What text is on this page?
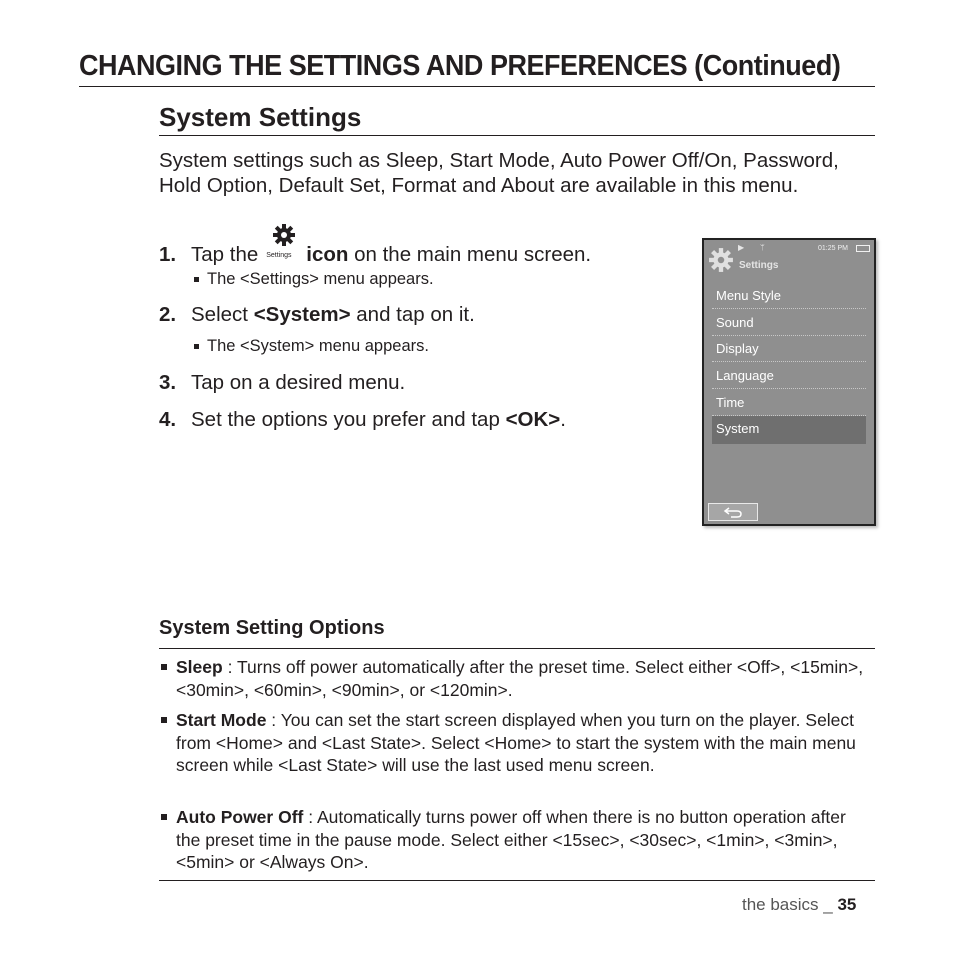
CHANGING THE SETTINGS AND PREFERENCES (Continued)
System Settings
System settings such as Sleep, Start Mode, Auto Power Off/On, Password, Hold Option, Default Set, Format and About are available in this menu.
1. Tap the Settings icon on the main menu screen.
The <Settings> menu appears.
2. Select <System> and tap on it.
The <System> menu appears.
3. Tap on a desired menu.
4. Set the options you prefer and tap <OK>.
▶ ᛘ	01:25 PM
Settings
Menu Style
Sound
Display
Language
Time
System
System Setting Options
Sleep : Turns off power automatically after the preset time. Select either <Off>, <15min>, <30min>, <60min>, <90min>, or <120min>.
Start Mode : You can set the start screen displayed when you turn on the player. Select from <Home> and <Last State>. Select <Home> to start the system with the main menu screen while <Last State> will use the last used menu screen.
Auto Power Off : Automatically turns power off when there is no button operation after the preset time in the pause mode. Select either <15sec>, <30sec>, <1min>, <3min>, <5min> or <Always On>.
the basics _ 35
